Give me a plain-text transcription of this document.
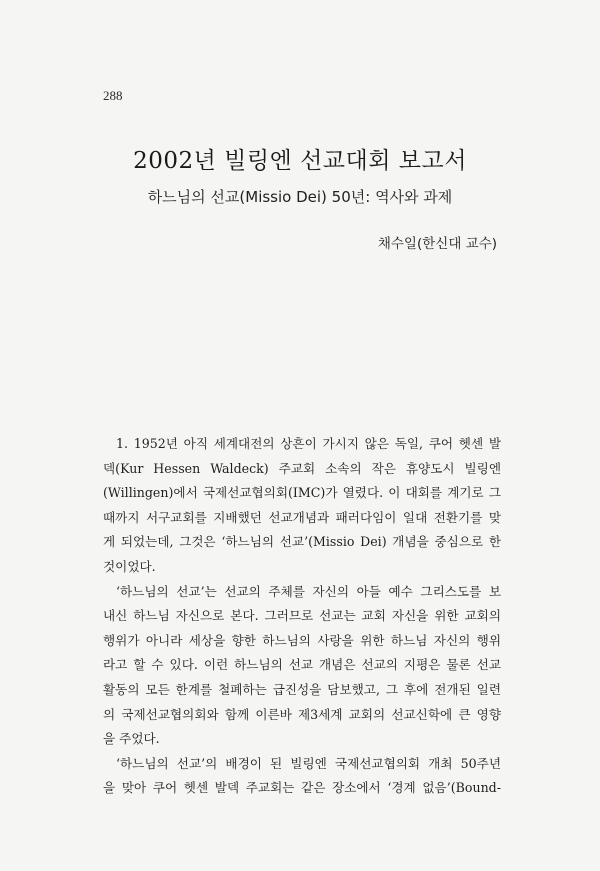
288
2002년 빌링엔 선교대회 보고서
하느님의 선교(Missio Dei) 50년: 역사와 과제
채수일(한신대 교수)
1. 1952년 아직 세계대전의 상흔이 가시지 않은 독일, 쿠어 헷센 발
덱(Kur Hessen Waldeck) 주교회 소속의 작은 휴양도시 빌링엔
(Willingen)에서 국제선교협의회(IMC)가 열렸다. 이 대회를 계기로 그
때까지 서구교회를 지배했던 선교개념과 패러다임이 일대 전환기를 맞
게 되었는데, 그것은 ‘하느님의 선교’(Missio Dei) 개념을 중심으로 한
것이었다.
‘하느님의 선교’는 선교의 주체를 자신의 아들 예수 그리스도를 보
내신 하느님 자신으로 본다. 그러므로 선교는 교회 자신을 위한 교회의
행위가 아니라 세상을 향한 하느님의 사랑을 위한 하느님 자신의 행위
라고 할 수 있다. 이런 하느님의 선교 개념은 선교의 지평은 물론 선교
활동의 모든 한계를 철폐하는 급진성을 담보했고, 그 후에 전개된 일련
의 국제선교협의회와 함께 이른바 제3세계 교회의 선교신학에 큰 영향
을 주었다.
‘하느님의 선교’의 배경이 된 빌링엔 국제선교협의회 개최 50주년
을 맞아 쿠어 헷센 발덱 주교회는 같은 장소에서 ‘경계 없음’(Bound-
